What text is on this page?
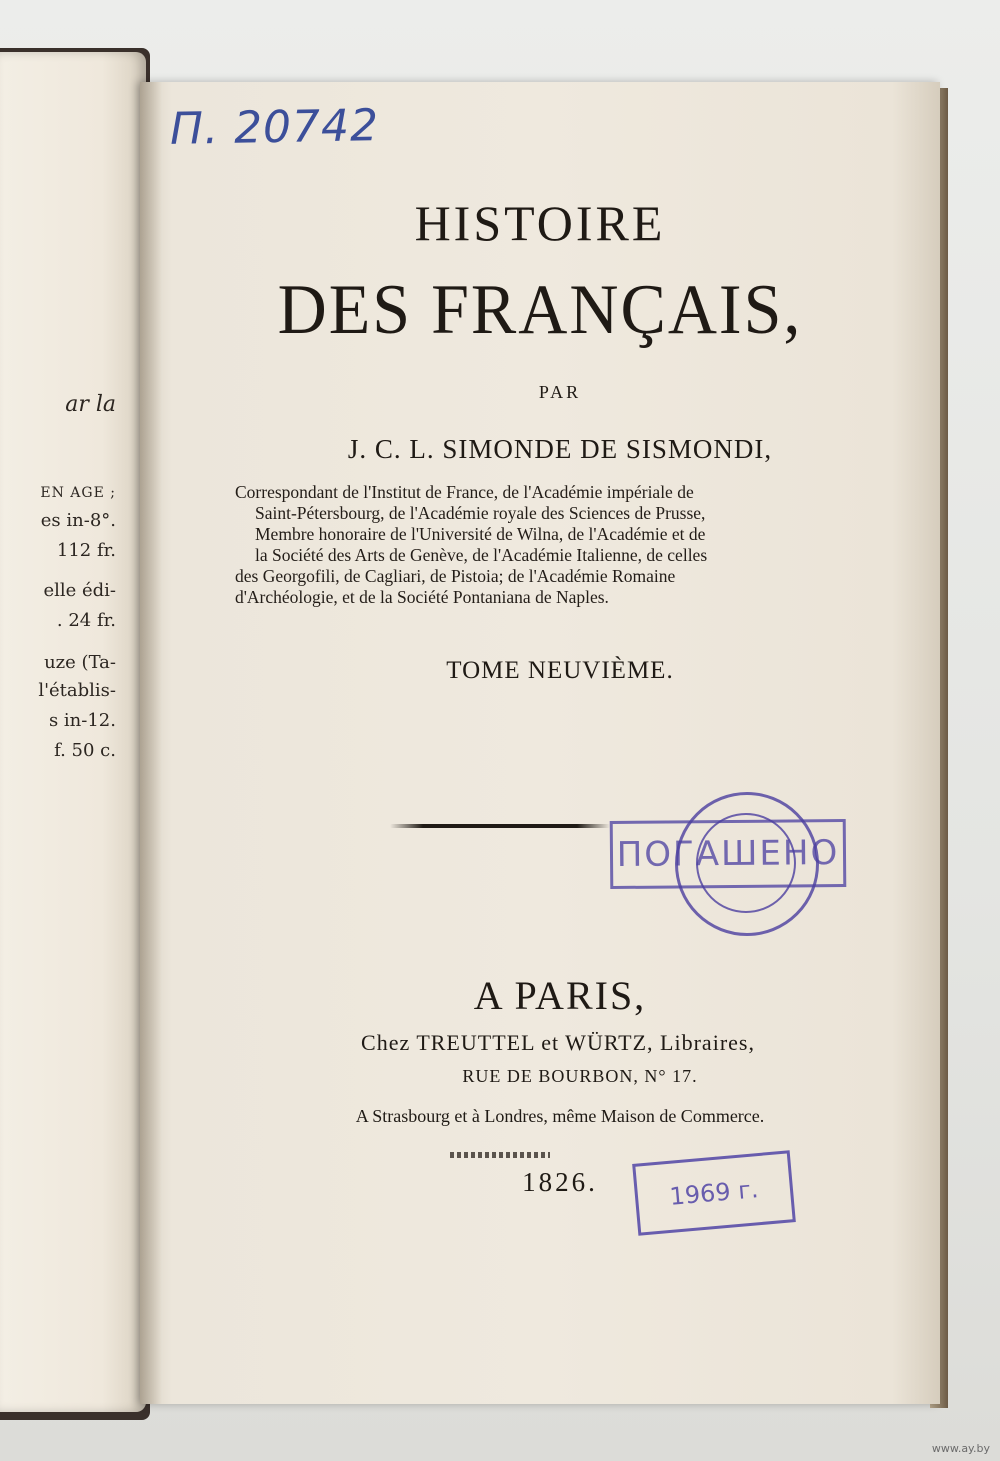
ar la
EN AGE ;
es in-8°.
112 fr.
elle édi-
. 24 fr.
uze (Ta-
l'établis-
s in-12.
f. 50 c.
П. 20742
HISTOIRE
DES FRANÇAIS,
PAR
J. C. L. SIMONDE DE SISMONDI,
Correspondant de l'Institut de France, de l'Académie impériale de
Saint-Pétersbourg, de l'Académie royale des Sciences de Prusse,
Membre honoraire de l'Université de Wilna, de l'Académie et de
la Société des Arts de Genève, de l'Académie Italienne, de celles
des Georgofili, de Cagliari, de Pistoia; de l'Académie Romaine
d'Archéologie, et de la Société Pontaniana de Naples.
TOME NEUVIÈME.
ПОГАШЕНО
A PARIS,
Chez TREUTTEL et WÜRTZ, Libraires,
RUE DE BOURBON, N° 17.
A Strasbourg et à Londres, même Maison de Commerce.
1826.	1969 г.
www.ay.by
